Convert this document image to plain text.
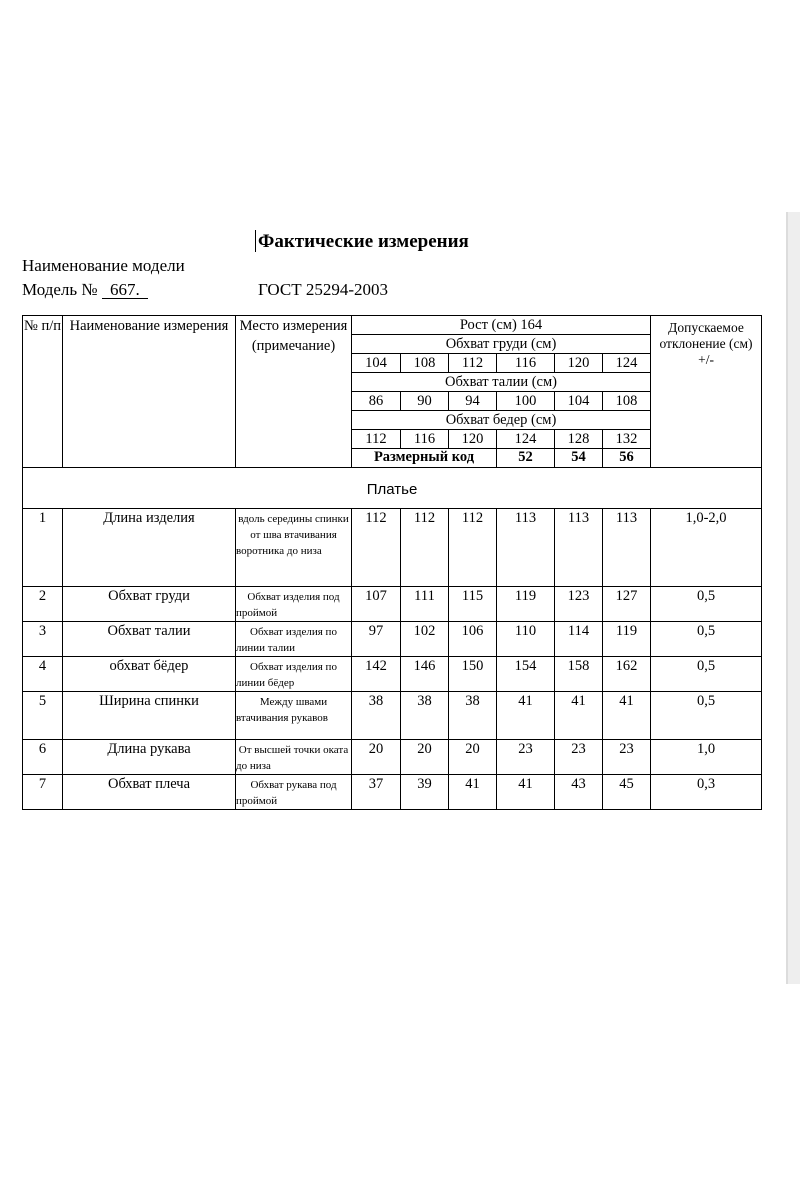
Фактические измерения
Наименование модели
Модель № 667.	ГОСТ 25294-2003
№ п/п	Наименование измерения	Место измерения (примечание)	Рост (см) 164						Допускаемое отклонение (см) +/-	
			Обхват груди (см)							
			104	108	112	116	120	124		
			Обхват талии (см)							
			86	90	94	100	104	108		
			Обхват бедер (см)							
			112	116	120	124	128	132		
			Размерный код			52	54	56				

Платье										

1	Длина изделия	вдоль середины спинки от шва втачивания воротника до низа	112	112	112	113	113	113	1,0-2,0	
2	Обхват груди	Обхват изделия под проймой	107	111	115	119	123	127	0,5	
3	Обхват талии	Обхват изделия по линии талии	97	102	106	110	114	119	0,5	
4	обхват бёдер	Обхват изделия по линии бёдер	142	146	150	154	158	162	0,5	
5	Ширина спинки	Между швами втачивания рукавов	38	38	38	41	41	41	0,5	
6	Длина рукава	От высшей точки оката до низа	20	20	20	23	23	23	1,0	
7	Обхват плеча	Обхват рукава под проймой	37	39	41	41	43	45	0,3	
